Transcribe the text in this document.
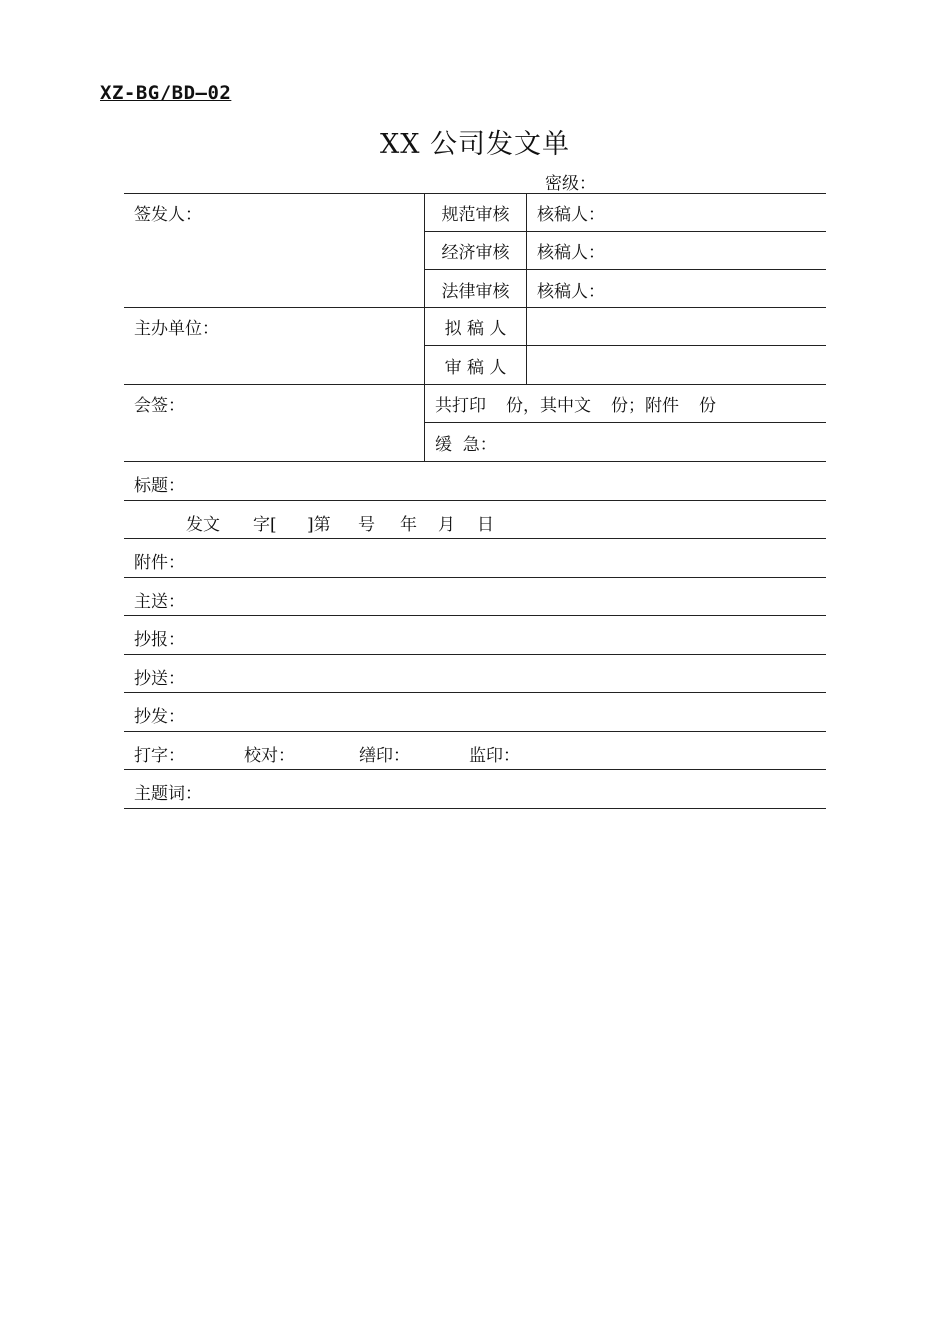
XZ-BG/BD—02
XX 公司发文单
密级：
签发人：	规范审核	核稿人：
经济审核	核稿人：
法律审核	核稿人：
主办单位：	拟 稿 人
审 稿 人
会签：	共打印 份，其中文 份；附件 份
缓  急：
标题：
发文 字[ ]第 号 年 月 日
附件：
主送：
抄报：
抄送：
抄发：
打字：	校对：	缮印：	监印：
主题词：
